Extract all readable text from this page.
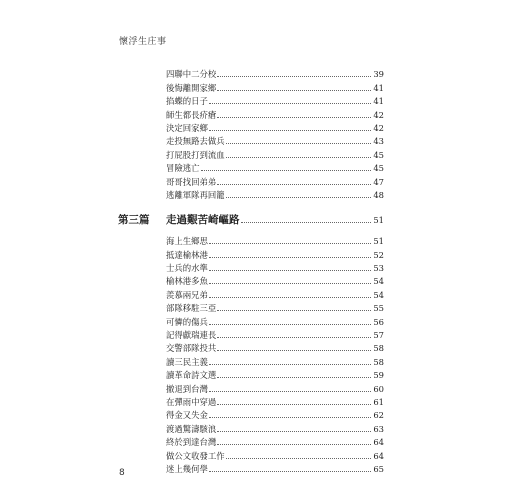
懷浮生庄事
四聯中二分校	39
後悔離開家鄉	41
掐蝶的日子	41
師生都長疥瘡	42
決定回家鄉	42
走投無路去做兵	43
打屁股打到流血	45
冒險逃亡	45
哥哥找回弟弟	47
逃離軍隊再回籠	48
第三篇	走過艱苦崎嶇路	51
海上生鄉思	51
抵達榆林港	52
士兵的水準	53
榆林港多魚	54
羨慕兩兄弟	54
部隊移駐三亞	55
可憐的傷兵	56
記得獻瑞連長	57
交警部隊投共	58
讀三民主義	58
讀革命詩文選	59
撤退到台灣	60
在彈雨中穿過	61
得金又失金	62
渡過驚濤駭浪	63
終於到達台灣	64
做公文收發工作	64
迷上幾何學	65
8
